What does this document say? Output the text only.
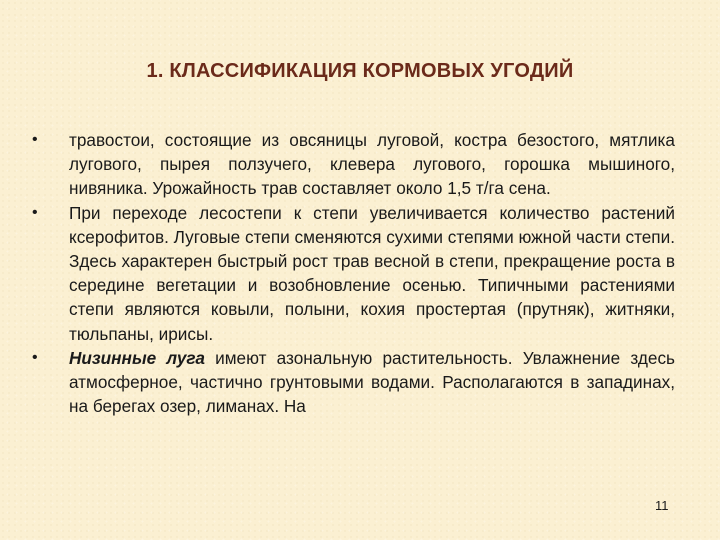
1. КЛАССИФИКАЦИЯ КОРМОВЫХ УГОДИЙ
• травостои, состоящие из овсяницы луговой, костра безостого, мятлика лугового, пырея ползучего, клевера лугового, горошка мышиного, нивяника. Урожайность трав составляет около 1,5 т/га сена.
• При переходе лесостепи к степи увеличивается количество растений ксерофитов. Луговые степи сменяются сухими степями южной части степи. Здесь характерен быстрый рост трав весной в степи, прекращение роста в середине вегетации и возобновление осенью. Типичными растениями степи являются ковыли, полыни, кохия простертая (прутняк), житняки, тюльпаны, ирисы.
• Низинные луга имеют азональную растительность. Увлажнение здесь атмосферное, частично грунтовыми водами. Располагаются в западинах, на берегах озер, лиманах. На
11
